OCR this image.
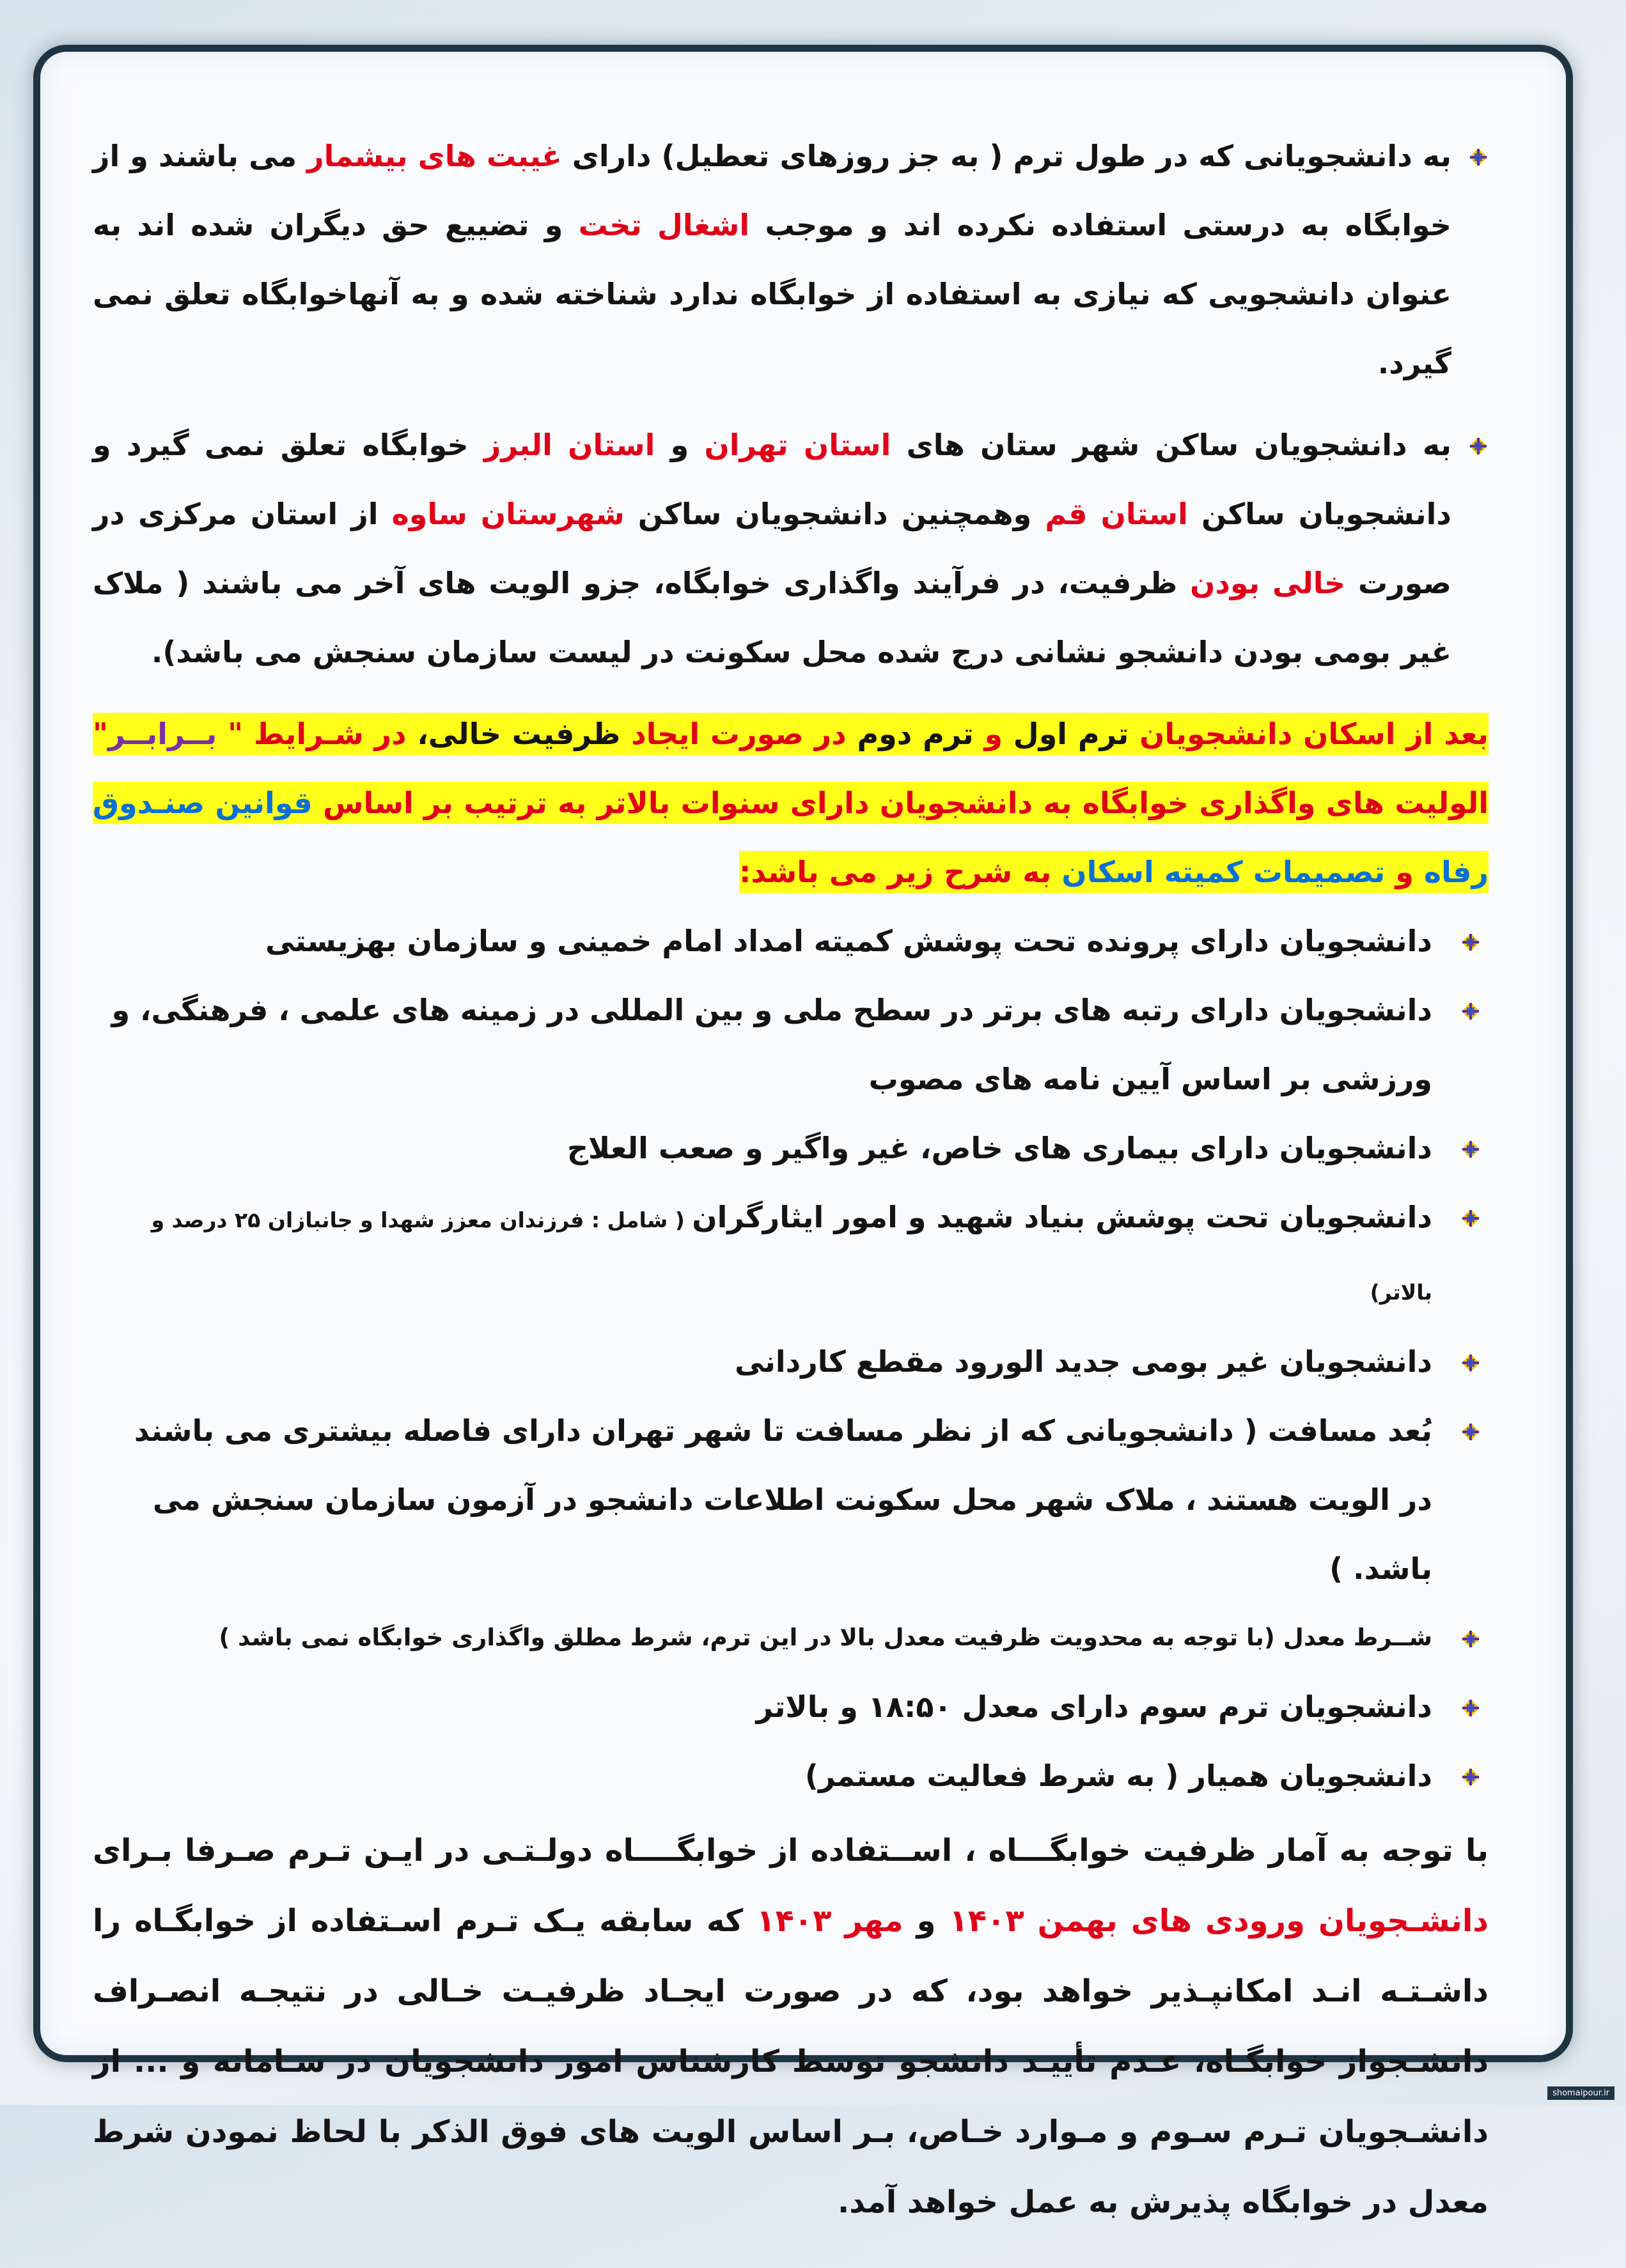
به دانشجویانی که در طول ترم ( به جز روزهای تعطیل) دارای غیبت های بیشمار می باشند و از خوابگاه به درستی استفاده نکرده اند و موجب اشغال تخت و تضییع حق دیگران شده اند به عنوان دانشجویی که نیازی به استفاده از خوابگاه ندارد شناخته شده و به آنهاخوابگاه تعلق نمی گیرد.

به دانشجویان ساکن شهر ستان های استان تهران و استان البرز خوابگاه تعلق نمی گیرد و دانشجویان ساکن استان قم وهمچنین دانشجویان ساکن شهرستان ساوه از استان مرکزی در صورت خالی بودن ظرفیت، در فرآیند واگذاری خوابگاه، جزو الویت های آخر می باشند ( ملاک غیر بومی بودن دانشجو نشانی درج شده محل سکونت در لیست سازمان سنجش می باشد).

بعد از اسکان دانشجویان ترم اول و ترم دوم در صورت ایجاد ظرفیت خالی، در شـرایط " بــرابــر" الولیت های واگذاری خوابگاه به دانشجویان دارای سنوات بالاتر به ترتیب بر اساس قوانین صنـدوق رفاه و تصمیمات کمیته اسکان به شرح زیر می باشد:

دانشجویان دارای پرونده تحت پوشش کمیته امداد امام خمینی و سازمان بهزیستی
دانشجویان دارای رتبه های برتر در سطح ملی و بین المللی در زمینه های علمی ، فرهنگی، و ورزشی بر اساس آیین نامه های مصوب
دانشجویان دارای بیماری های خاص، غیر واگیر و صعب العلاج
دانشجویان تحت پوشش بنیاد شهید و امور ایثارگران ( شامل : فرزندان معزز شهدا و جانبازان ۲۵ درصد و بالاتر)
دانشجویان غیر بومی جدید الورود مقطع کاردانی
بُعد مسافت ( دانشجویانی که از نظر مسافت تا شهر تهران دارای فاصله بیشتری می باشند در الویت هستند ، ملاک شهر محل سکونت اطلاعات دانشجو در آزمون سازمان سنجش می باشد. )
شــرط معدل (با توجه به محدویت ظرفیت معدل بالا در این ترم، شرط مطلق واگذاری خوابگاه نمی باشد )
دانشجویان ترم سوم دارای معدل ۱۸:۵۰ و بالاتر
دانشجویان همیار ( به شرط فعالیت مستمر)

با توجه به آمار ظرفیت خوابگـــاه ، اســتفاده از خوابگــــاه دولـتـی در ایـن تـرم صـرفا بـرای دانشـجویان ورودی های بهمن ۱۴۰۳ و مهر ۱۴۰۳ که سابقه یـک تـرم اسـتفاده از خوابگـاه را داشـتـه انـد امکانپـذیر خواهد بود، که در صورت ایجـاد ظرفیـت خـالی در نتیجـه انصـراف دانشـجواز خوابگـاه، عـدم تأییـد دانشجو توسط کارشناس امور دانشجویان در سـامانه و ... از دانشـجویان تـرم سـوم و مـوارد خـاص، بـر اساس الویت های فوق الذکر با لحاظ نمودن شرط معدل در خوابگاه پذیرش به عمل خواهد آمد.

shomaipour.ir
